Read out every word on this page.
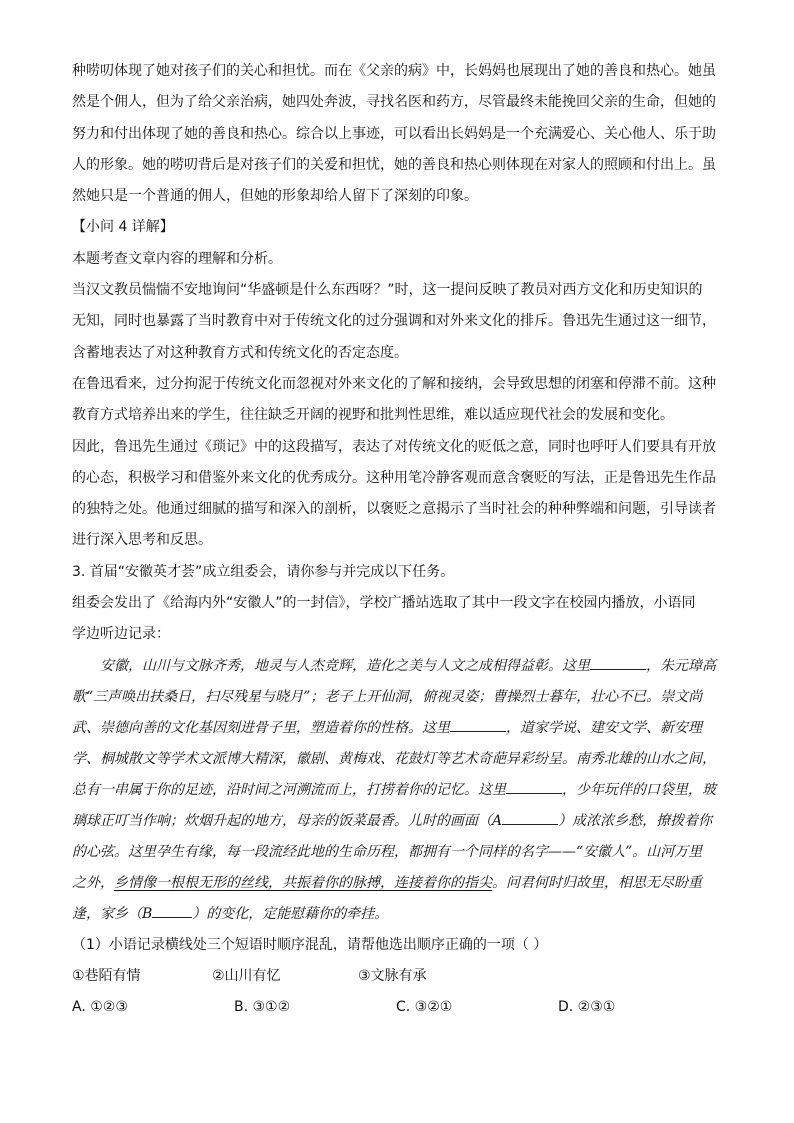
种唠叨体现了她对孩子们的关心和担忧。而在《父亲的病》中，长妈妈也展现出了她的善良和热心。她虽

然是个佣人，但为了给父亲治病，她四处奔波，寻找名医和药方，尽管最终未能挽回父亲的生命，但她的

努力和付出体现了她的善良和热心。综合以上事迹，可以看出长妈妈是一个充满爱心、关心他人、乐于助

人的形象。她的唠叨背后是对孩子们的关爱和担忧，她的善良和热心则体现在对家人的照顾和付出上。虽

然她只是一个普通的佣人，但她的形象却给人留下了深刻的印象。

【小问 4 详解】

本题考查文章内容的理解和分析。

当汉文教员惴惴不安地询问“华盛顿是什么东西呀？”时，这一提问反映了教员对西方文化和历史知识的

无知，同时也暴露了当时教育中对于传统文化的过分强调和对外来文化的排斥。鲁迅先生通过这一细节，

含蓄地表达了对这种教育方式和传统文化的否定态度。

在鲁迅看来，过分拘泥于传统文化而忽视对外来文化的了解和接纳，会导致思想的闭塞和停滞不前。这种

教育方式培养出来的学生，往往缺乏开阔的视野和批判性思维，难以适应现代社会的发展和变化。

因此，鲁迅先生通过《琐记》中的这段描写，表达了对传统文化的贬低之意，同时也呼吁人们要具有开放

的心态，积极学习和借鉴外来文化的优秀成分。这种用笔冷静客观而意含褒贬的写法，正是鲁迅先生作品

的独特之处。他通过细腻的描写和深入的剖析，以褒贬之意揭示了当时社会的种种弊端和问题，引导读者

进行深入思考和反思。

3. 首届“安徽英才荟”成立组委会，请你参与并完成以下任务。

组委会发出了《给海内外“安徽人”的一封信》，学校广播站选取了其中一段文字在校园内播放，小语同

学边听边记录：

安徽，山川与文脉齐秀，地灵与人杰竞辉，造化之美与人文之成相得益彰。这里	，朱元璋高

歌“三声唤出扶桑日，扫尽残星与晓月”；老子上开仙洞，俯视灵姿；曹操烈士暮年，壮心不已。崇文尚

武、崇德向善的文化基因刻进骨子里，塑造着你的性格。这里	，道家学说、建安文学、新安理

学、桐城散文等学术文派博大精深，徽剧、黄梅戏、花鼓灯等艺术奇葩异彩纷呈。南秀北雄的山水之间，

总有一串属于你的足迹，沿时间之河溯流而上，打捞着你的记忆。这里	，少年玩伴的口袋里，玻

璃球正叮当作响；炊烟升起的地方，母亲的饭菜最香。儿时的画面（A	）成浓浓乡愁，撩拨着你

的心弦。这里孕生有缘，每一段流经此地的生命历程，都拥有一个同样的名字——“安徽人”。山河万里

之外，乡情像一根根无形的丝线，共振着你的脉搏，连接着你的指尖。问君何时归故里，相思无尽盼重

逢，家乡（B	）的变化，定能慰藉你的牵挂。

（1）小语记录横线处三个短语时顺序混乱，请帮他选出顺序正确的一项（ ）

①巷陌有情	②山川有忆	③文脉有承
A. ①②③	B. ③①②	C. ③②①	D. ②③①
